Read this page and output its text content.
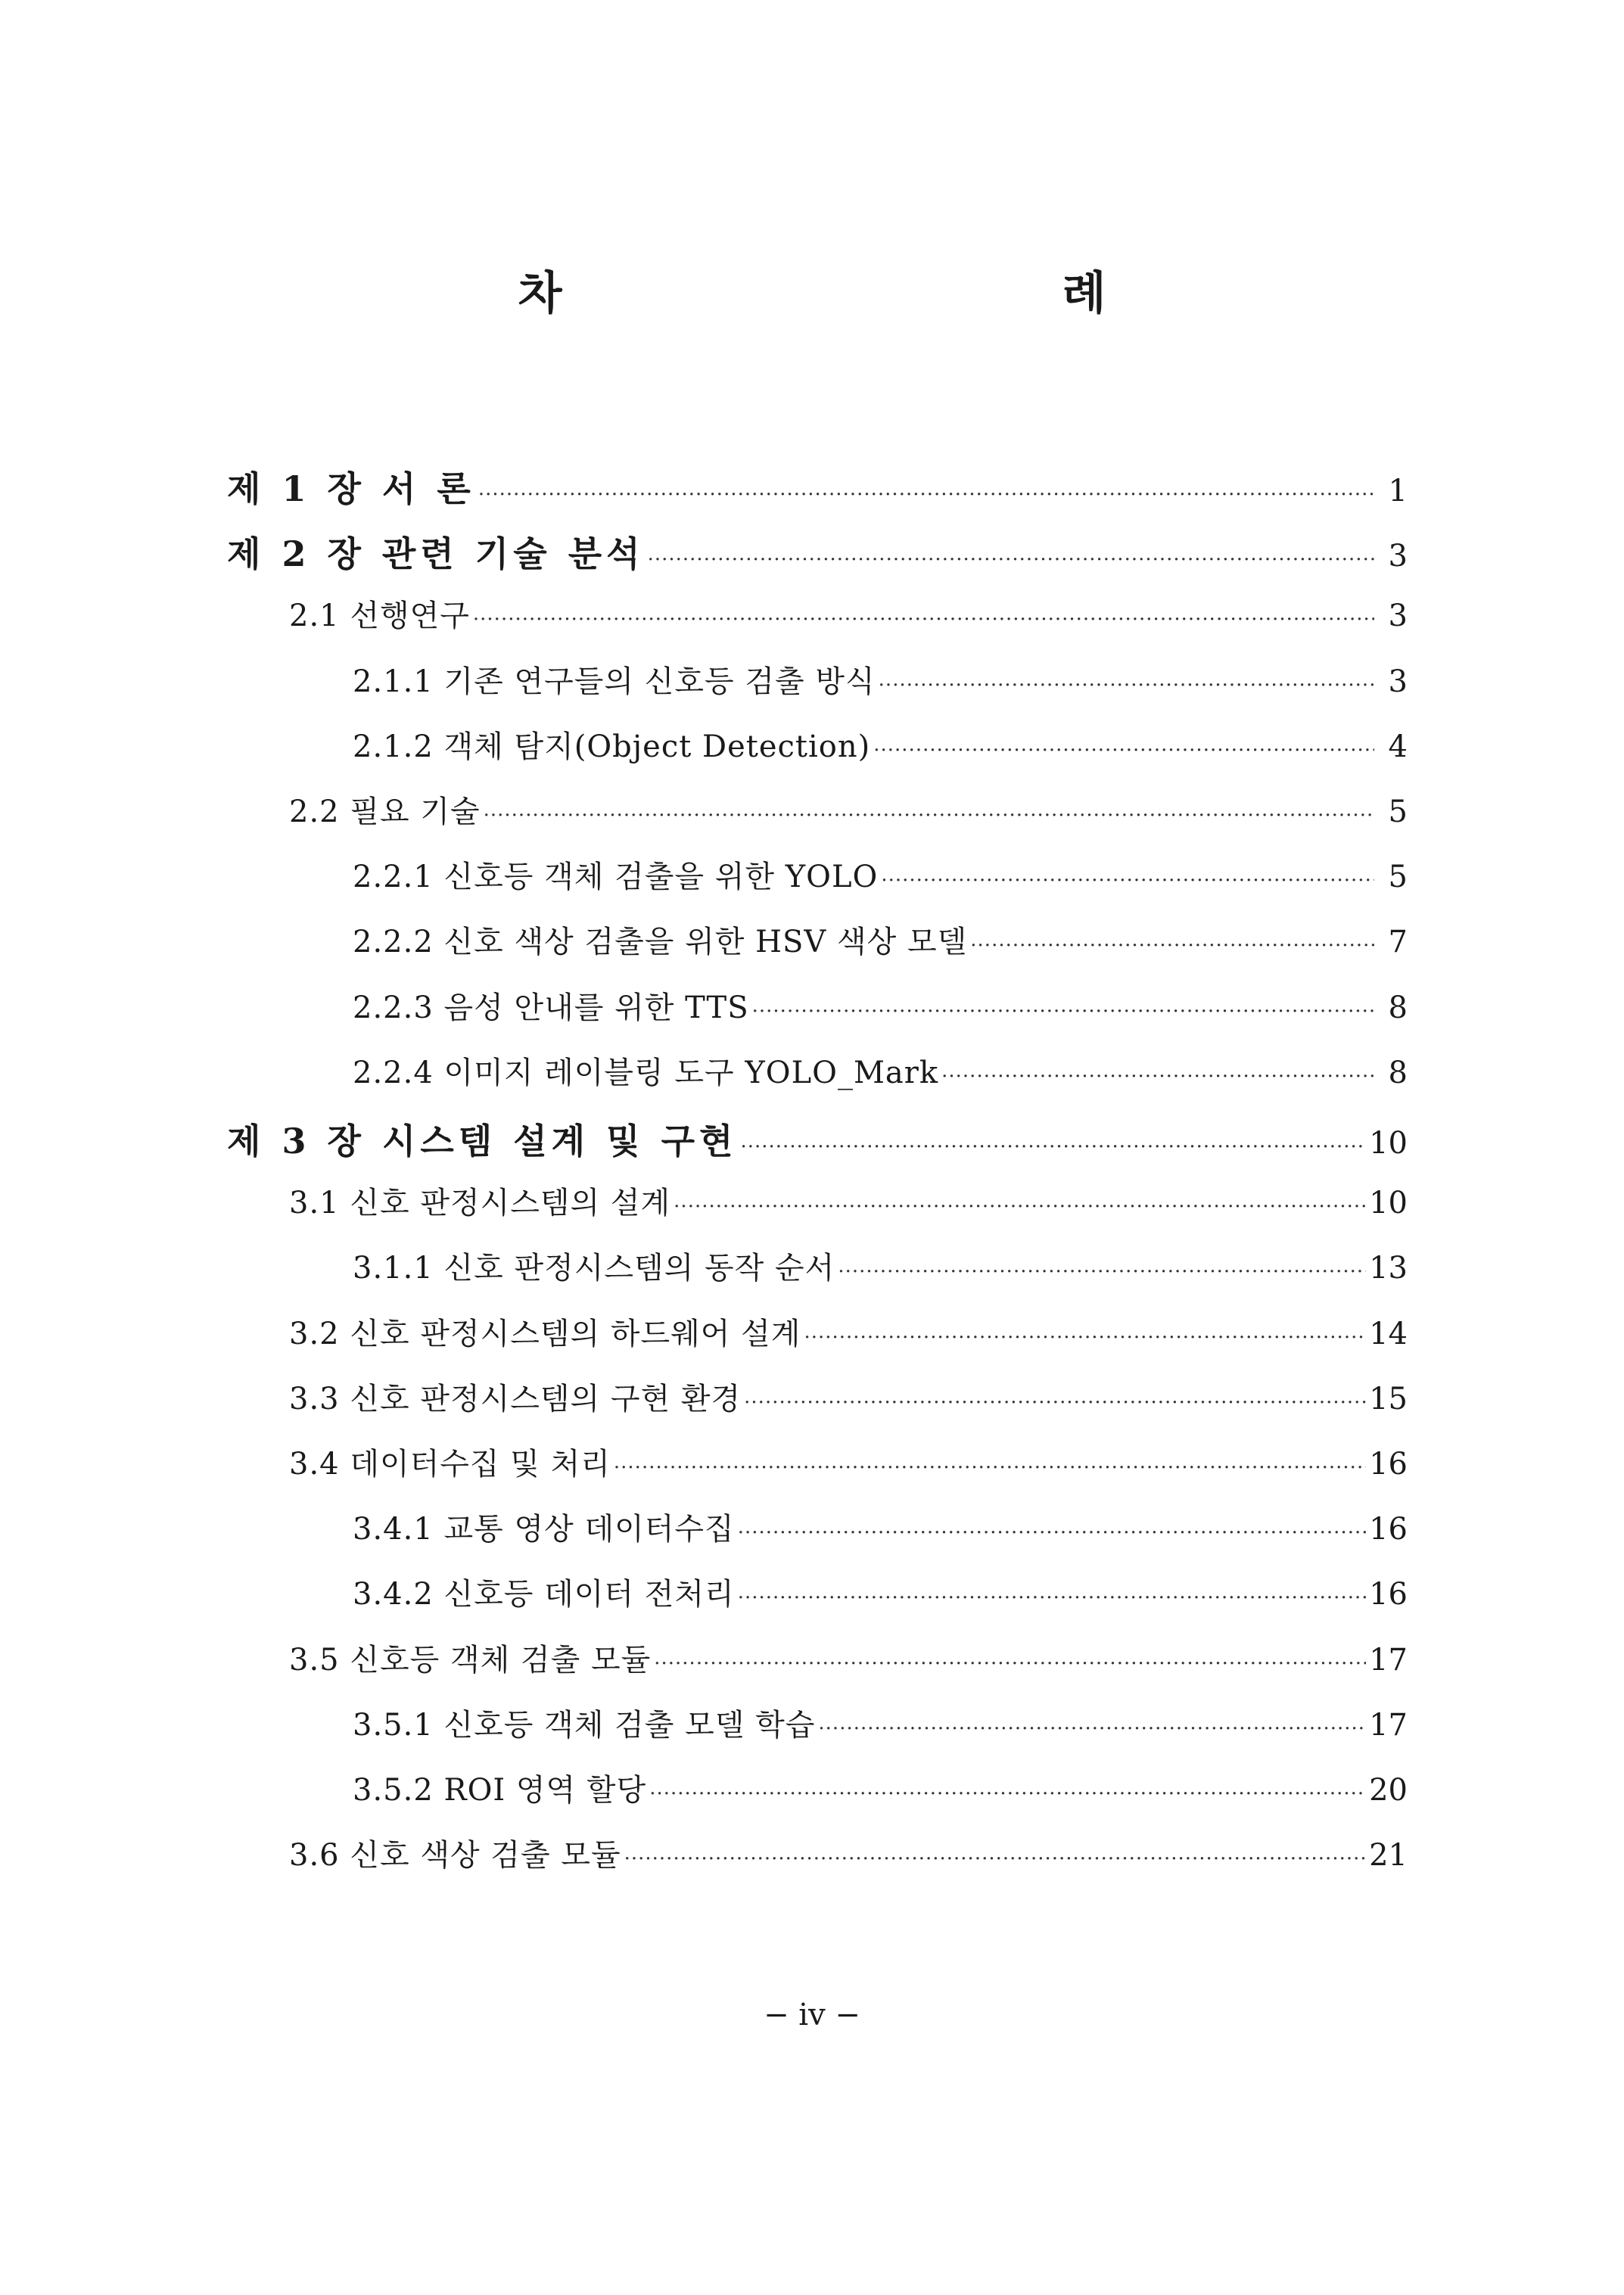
차 례
제 1 장 서 론 ·····	1
제 2 장 관련 기술 분석 ·····	3
2.1 선행연구 ·····	3
2.1.1 기존 연구들의 신호등 검출 방식 ·····	3
2.1.2 객체 탐지(Object Detection) ·····	4
2.2 필요 기술 ·····	5
2.2.1 신호등 객체 검출을 위한 YOLO ·····	5
2.2.2 신호 색상 검출을 위한 HSV 색상 모델 ·····	7
2.2.3 음성 안내를 위한 TTS ·····	8
2.2.4 이미지 레이블링 도구 YOLO_Mark ·····	8
제 3 장 시스템 설계 및 구현 ·····	10
3.1 신호 판정시스템의 설계 ·····	10
3.1.1 신호 판정시스템의 동작 순서 ·····	13
3.2 신호 판정시스템의 하드웨어 설계 ·····	14
3.3 신호 판정시스템의 구현 환경 ·····	15
3.4 데이터수집 및 처리 ·····	16
3.4.1 교통 영상 데이터수집 ·····	16
3.4.2 신호등 데이터 전처리 ·····	16
3.5 신호등 객체 검출 모듈 ·····	17
3.5.1 신호등 객체 검출 모델 학습 ·····	17
3.5.2 ROI 영역 할당 ·····	20
3.6 신호 색상 검출 모듈 ·····	21
− iv −
